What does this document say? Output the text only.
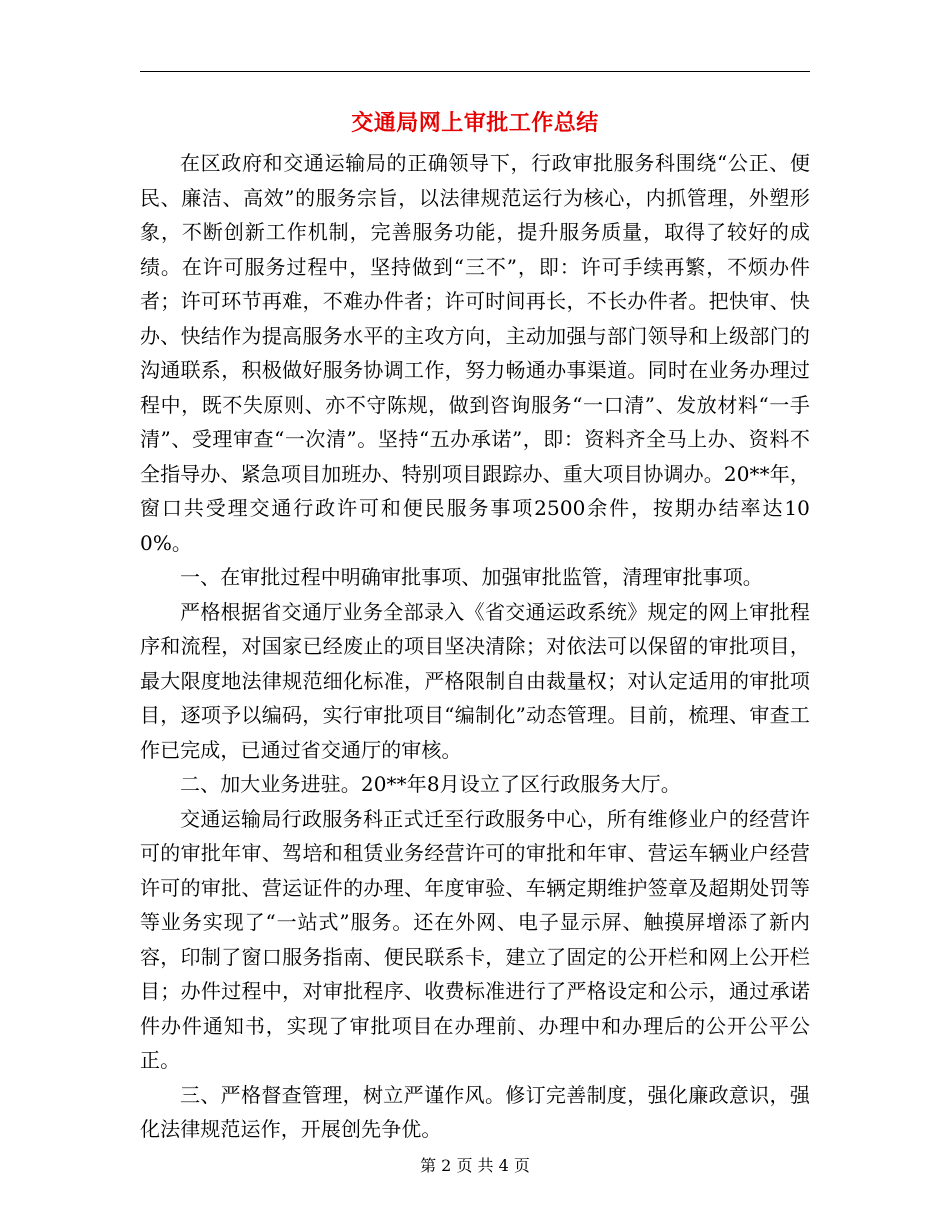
交通局网上审批工作总结

在区政府和交通运输局的正确领导下，行政审批服务科围绕“公正、便民、廉洁、高效”的服务宗旨，以法律规范运行为核心，内抓管理，外塑形象，不断创新工作机制，完善服务功能，提升服务质量，取得了较好的成绩。在许可服务过程中，坚持做到“三不”，即：许可手续再繁，不烦办件者；许可环节再难，不难办件者；许可时间再长，不长办件者。把快审、快办、快结作为提高服务水平的主攻方向，主动加强与部门领导和上级部门的沟通联系，积极做好服务协调工作，努力畅通办事渠道。同时在业务办理过程中，既不失原则、亦不守陈规，做到咨询服务“一口清”、发放材料“一手清”、受理审查“一次清”。坚持“五办承诺”，即：资料齐全马上办、资料不全指导办、紧急项目加班办、特别项目跟踪办、重大项目协调办。20**年，窗口共受理交通行政许可和便民服务事项2500余件，按期办结率达100%。

一、在审批过程中明确审批事项、加强审批监管，清理审批事项。

严格根据省交通厅业务全部录入《省交通运政系统》规定的网上审批程序和流程，对国家已经废止的项目坚决清除；对依法可以保留的审批项目，最大限度地法律规范细化标准，严格限制自由裁量权；对认定适用的审批项目，逐项予以编码，实行审批项目“编制化”动态管理。目前，梳理、审查工作已完成，已通过省交通厅的审核。

二、加大业务进驻。20**年8月设立了区行政服务大厅。

交通运输局行政服务科正式迁至行政服务中心，所有维修业户的经营许可的审批年审、驾培和租赁业务经营许可的审批和年审、营运车辆业户经营许可的审批、营运证件的办理、年度审验、车辆定期维护签章及超期处罚等等业务实现了“一站式”服务。还在外网、电子显示屏、触摸屏增添了新内容，印制了窗口服务指南、便民联系卡，建立了固定的公开栏和网上公开栏目；办件过程中，对审批程序、收费标准进行了严格设定和公示，通过承诺件办件通知书，实现了审批项目在办理前、办理中和办理后的公开公平公正。

三、严格督查管理，树立严谨作风。修订完善制度，强化廉政意识，强化法律规范运作，开展创先争优。

第 2 页 共 4 页
